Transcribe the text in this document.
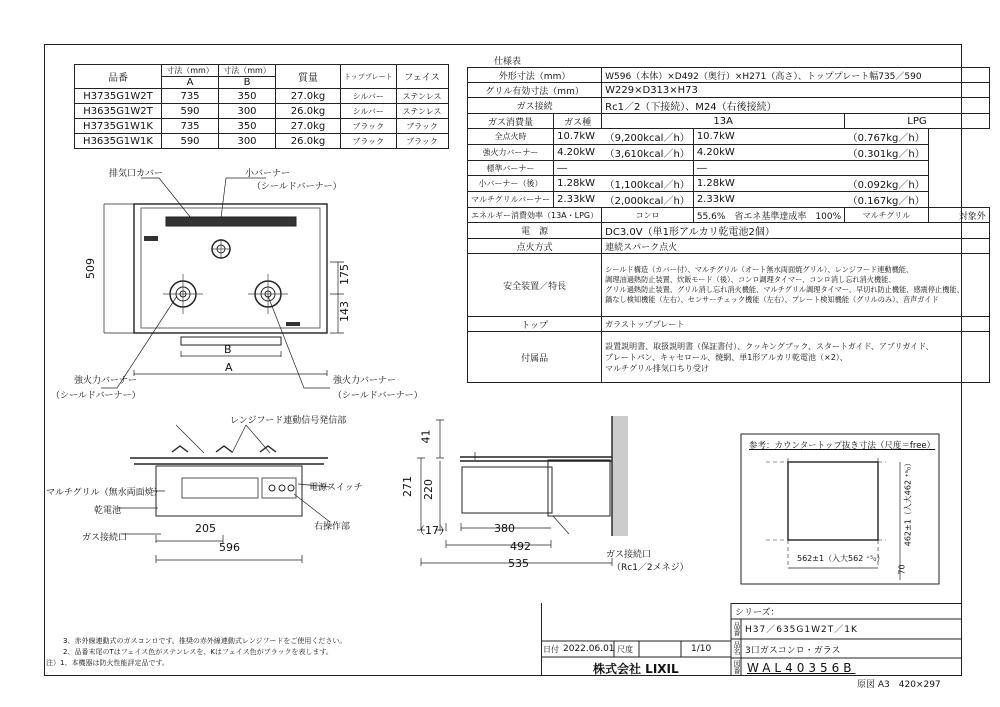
品番	寸法（mm）	寸法（mm）	質量	トッププレート	フェイス
	A	B			
H3735G1W2T	735	350	27.0kg	シルバー	ステンレス
H3635G1W2T	590	300	26.0kg	シルバー	ステンレス
H3735G1W1K	735	350	27.0kg	ブラック	ブラック
H3635G1W1K	590	300	26.0kg	ブラック	ブラック
仕様表
外形寸法（mm）		W596（本体）×D492（奥行）×H271（高さ）、トッププレート幅735／590			
グリル有効寸法（mm）		W229×D313×H73			
ガス接続		Rc1／2（下接続）、M24（右後接続）			
ガス消費量	ガス種	13A		LPG	
全点火時	10.7kW	（9,200kcal／h）	10.7kW	（0.767kg／h）	
強火力バーナー	4.20kW	（3,610kcal／h）	4.20kW	（0.301kg／h）	
標準バーナー	―		―		
小バーナー（後）	1.28kW	（1,100kcal／h）	1.28kW	（0.092kg／h）	
マルチグリルバーナー	2.33kW	（2,000kcal／h）	2.33kW	（0.167kg／h）	
エネルギー消費効率（13A・LPG）		コンロ	55.6%　省エネ基準達成率　100%	マルチグリル	対象外
電　源		DC3.0V（単1形アルカリ乾電池2個）			
点火方式		連続スパーク点火			
安全装置／特長		シールド構造（カバー付）、マルチグリル（オート無水両面焼グリル）、レンジフード連動機能、
調理油過熱防止装置、炊飯モード（後）、コンロ調理タイマー、コンロ消し忘れ消火機能、
グリル過熱防止装置、グリル消し忘れ消火機能、マルチグリル調理タイマー、早切れ防止機能、感震停止機能、
鍋なし検知機能（左右）、センサーチェック機能（左右）、プレート検知機能（グリルのみ）、音声ガイド			

トップ		ガラストッププレート			
付属品		設置説明書、取扱説明書（保証書付）、クッキングブック、スタートガイド、アプリガイド、
プレートパン、キャセロール、焼網、単1形アルカリ乾電池（×2）、
マルチグリル排気口ちり受け			
排気口カバー	小バーナー
（シールドバーナー）
強火力バーナー
（シールドバーナー）
強火力バーナー
（シールドバーナー）
レンジフード連動信号発信部
マルチグリル（無水両面焼）
乾電池
ガス接続口
電源スイッチ
右操作部
ガス接続口
（Rc1／2メネジ）
参考：カウンタートップ抜き寸法（尺度＝free）
509	175
143
B
A
205
596
41
271 220
（17）	380
492
535	562±1（入大562 ⁺⁵₀）
462±1（入大462 ⁺⁵₀）
70
3、赤外線連動式のガスコンロです。推奨の赤外線連動式レンジフードをご使用ください。
2、品番末尾のTはフェイス色がステンレスを、Kはフェイス色がブラックを表します。
注）1、本機器は防火性能評定品です。
シリーズ：
品番 H37／635G1W2T／1K
品名 3口ガスコンロ・ガラス
図番 WAL40356B
日付 2022.06.01 尺度	1/10
株式会社 LIXIL
原図 A3　420×297
